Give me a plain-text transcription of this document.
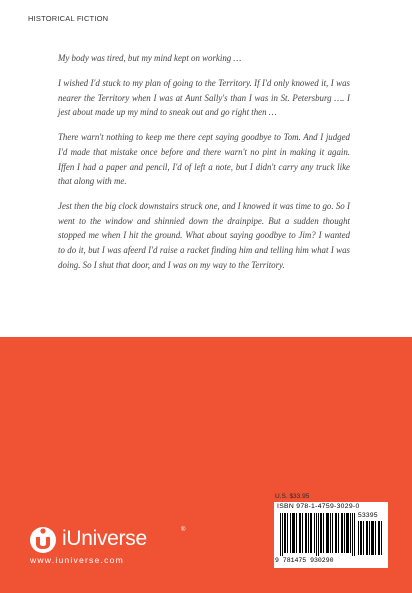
HISTORICAL FICTION

My body was tired, but my mind kept on working …

I wished I'd stuck to my plan of going to the Territory. If I'd only knowed it, I was nearer the Territory when I was at Aunt Sally's than I was in St. Petersburg …. I jest about made up my mind to sneak out and go right then …

There warn't nothing to keep me there cept saying goodbye to Tom. And I judged I'd made that mistake once before and there warn't no pint in making it again. Iffen I had a paper and pencil, I'd of left a note, but I didn't carry any truck like that along with me.

Jest then the big clock downstairs struck one, and I knowed it was time to go. So I went to the window and shinnied down the drainpipe. But a sudden thought stopped me when I hit the ground. What about saying goodbye to Jim? I wanted to do it, but I was afeerd I'd raise a racket finding him and telling him what I was doing. So I shut that door, and I was on my way to the Territory.

U.S. $33.95
ISBN 978-1-4759-3029-0
53395
9 781475 930290
iUniverse	®
www.iuniverse.com
